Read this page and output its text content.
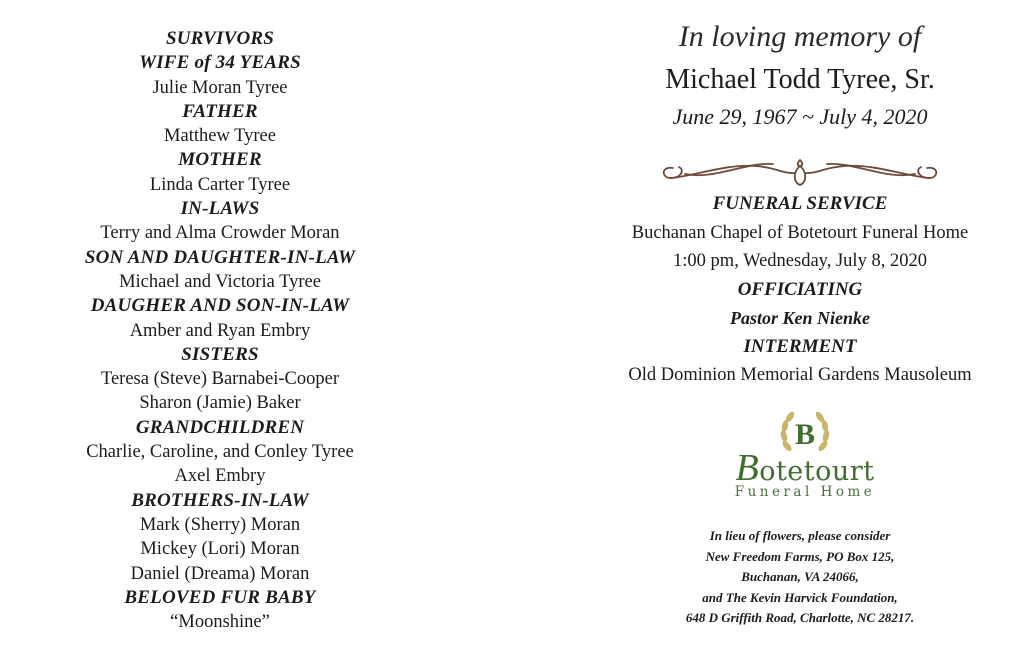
SURVIVORS
WIFE of 34 YEARS
Julie Moran Tyree
FATHER
Matthew Tyree
MOTHER
Linda Carter Tyree
IN-LAWS
Terry and Alma Crowder Moran
SON AND DAUGHTER-IN-LAW
Michael and Victoria Tyree
DAUGHER AND SON-IN-LAW
Amber and Ryan Embry
SISTERS
Teresa (Steve) Barnabei-Cooper
Sharon (Jamie) Baker
GRANDCHILDREN
Charlie, Caroline, and Conley Tyree
Axel Embry
BROTHERS-IN-LAW
Mark (Sherry) Moran
Mickey (Lori) Moran
Daniel (Dreama) Moran
BELOVED FUR BABY
“Moonshine”
In loving memory of
Michael Todd Tyree, Sr.
June 29, 1967 ~ July 4, 2020
FUNERAL SERVICE
Buchanan Chapel of Botetourt Funeral Home
1:00 pm, Wednesday, July 8, 2020
OFFICIATING
Pastor Ken Nienke
INTERMENT
Old Dominion Memorial Gardens Mausoleum
B
Botetourt
Funeral Home
In lieu of flowers, please consider
New Freedom Farms, PO Box 125,
Buchanan, VA 24066,
and The Kevin Harvick Foundation,
648 D Griffith Road, Charlotte, NC 28217.
